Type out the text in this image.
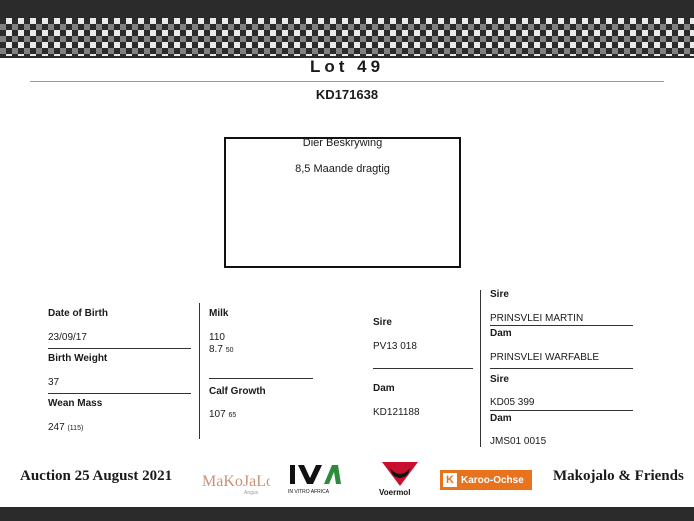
Lot 49
KD171638
Dier Beskrywing
8,5 Maande dragtig
Date of Birth
23/09/17
Birth Weight
37
Wean Mass
247 (115)
Milk
110
8.7 50
Calf Growth
107 65
Sire
PV13 018
Dam
KD121188
Sire
PRINSVLEI MARTIN
Dam
PRINSVLEI WARFABLE
Sire
KD05 399
Dam
JMS01 0015
Auction 25 August 2021 MaKoJaLo
Angus	IN VITRO AFRICA	Voermol
K Karoo-Ochse Makojalo & Friends
